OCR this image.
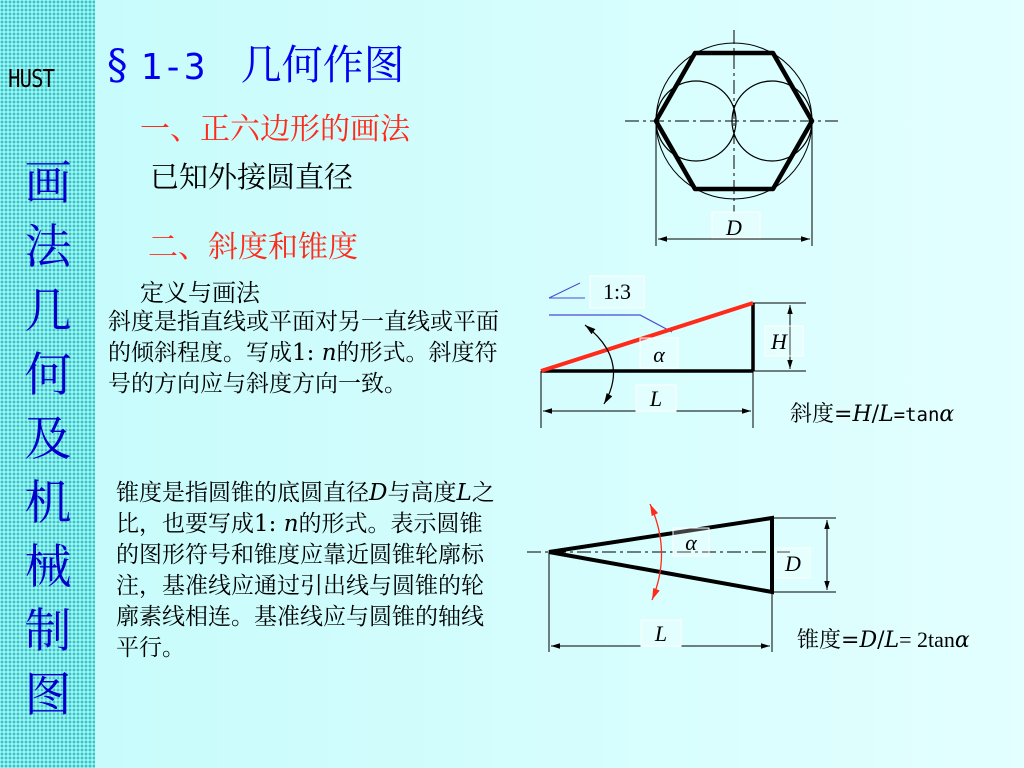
HUST
画
法
几
何
及
机
械
制
图
§ 1-3 几何作图
一、正六边形的画法
已知外接圆直径
二、斜度和锥度
定义与画法
斜度是指直线或平面对另一直线或平面的倾斜程度。写成1: n的形式。斜度符号的方向应与斜度方向一致。
锥度是指圆锥的底圆直径D与高度L之比，也要写成1: n的形式。表示圆锥的图形符号和锥度应靠近圆锥轮廓标注，基准线应通过引出线与圆锥的轮廓素线相连。基准线应与圆锥的轴线平行。
D
1:3
H
L
α
斜度=H/L=tanα
L
D
α
锥度=D/L= 2tanα
